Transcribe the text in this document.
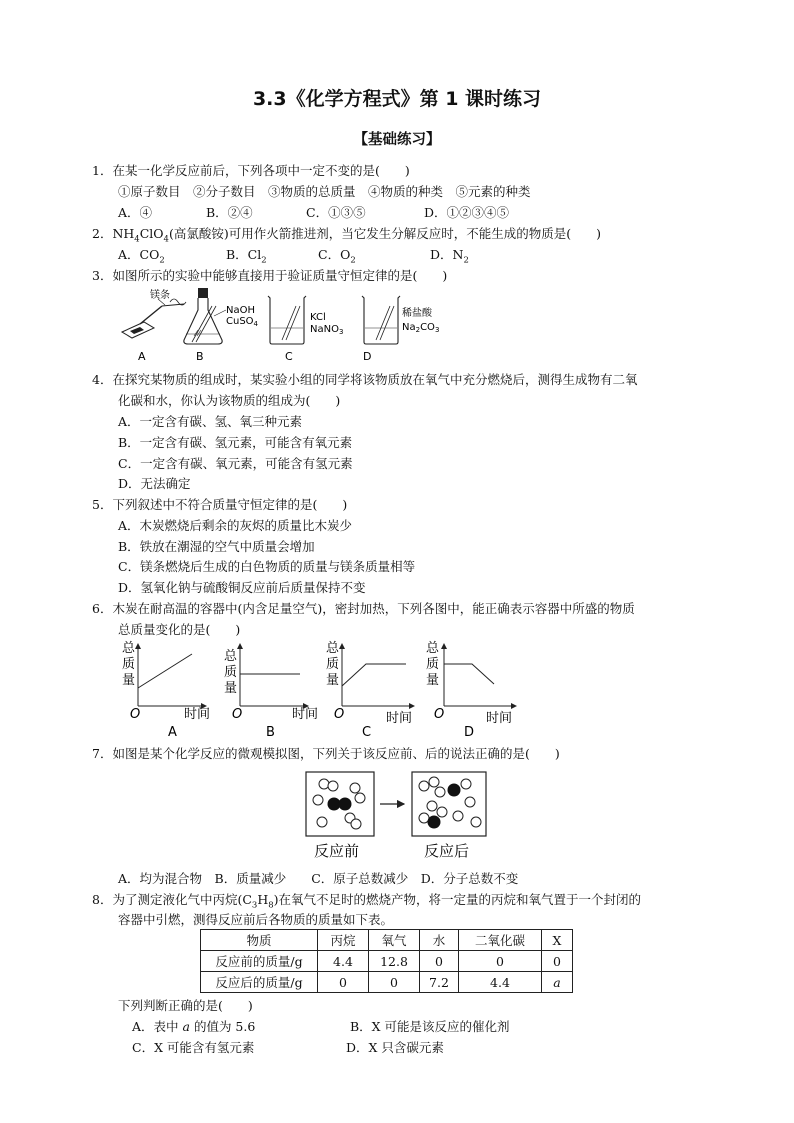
3.3《化学方程式》第 1 课时练习
【基础练习】
1．在某一化学反应前后，下列各项中一定不变的是(　　)
①原子数目　②分子数目　③物质的总质量　④物质的种类　⑤元素的种类
A．④	B．②④	C．①③⑤	D．①②③④⑤
2．$NH_4ClO_4$(高氯酸铵)可用作火箭推进剂，当它发生分解反应时，不能生成的物质是(　　)
A．$CO_2$	B．$Cl_2$	C．$O_2$	D．$N_2$
3．如图所示的实验中能够直接用于验证质量守恒定律的是(　　)
镁条
NaOH
CuSO$_4$
KCl
NaNO$_3$
稀盐酸
$Na_2CO_3$
A	B	C	D
4．在探究某物质的组成时，某实验小组的同学将该物质放在氧气中充分燃烧后，测得生成物有二氧
化碳和水，你认为该物质的组成为(　　)
A．一定含有碳、氢、氧三种元素
B．一定含有碳、氢元素，可能含有氧元素
C．一定含有碳、氧元素，可能含有氢元素
D．无法确定
5．下列叙述中不符合质量守恒定律的是(　　)
A．木炭燃烧后剩余的灰烬的质量比木炭少
B．铁放在潮湿的空气中质量会增加
C．镁条燃烧后生成的白色物质的质量与镁条质量相等
D．氢氧化钠与硫酸铜反应前后质量保持不变
6．木炭在耐高温的容器中(内含足量空气)，密封加热，下列各图中，能正确表示容器中所盛的物质
总质量变化的是(　　)
总
质
量
O	时间
A
总
质
量
O	时间
B
总
质
量
O	时间
C
总
质
量
O	时间
D
7．如图是某个化学反应的微观模拟图，下列关于该反应前、后的说法正确的是(　　)
反应前	反应后
A．均为混合物　B．质量减少　　C．原子总数减少　D．分子总数不变
8．为了测定液化气中丙烷$(C_3H_8)$在氧气不足时的燃烧产物，将一定量的丙烷和氧气置于一个封闭的
容器中引燃，测得反应前后各物质的质量如下表。
物质	丙烷	氧气	水	二氧化碳	X
反应前的质量/g	4.4	12.8	0	0	0
反应后的质量/g	0	0	7.2	4.4	a
下列判断正确的是(　　)
A．表中 a 的值为 5.6	B．X 可能是该反应的催化剂
C．X 可能含有氢元素	D．X 只含碳元素
